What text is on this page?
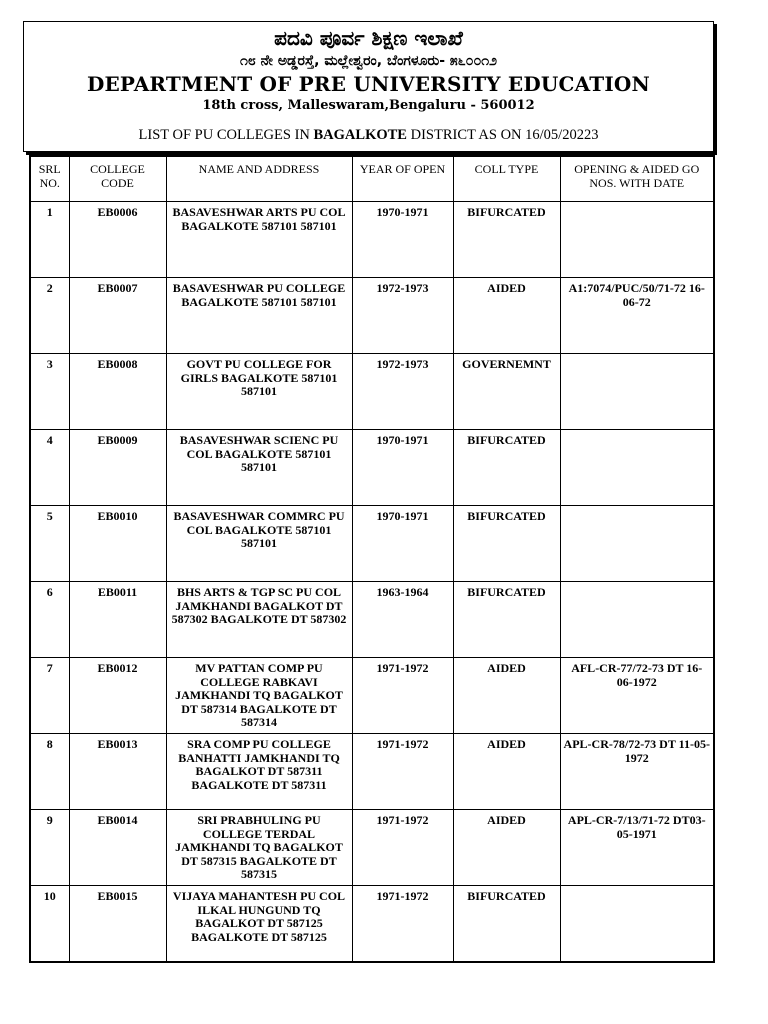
ಪದವಿ ಪೂರ್ವ ಶಿಕ್ಷಣ ಇಲಾಖೆ
೧೮ ನೇ ಅಡ್ಡರಸ್ತೆ, ಮಲ್ಲೇಶ್ವರಂ, ಬೆಂಗಳೂರು- ೫೬೦೦೧೨
DEPARTMENT OF PRE UNIVERSITY EDUCATION
18th cross, Malleswaram,Bengaluru - 560012
LIST OF PU COLLEGES IN BAGALKOTE DISTRICT AS ON 16/05/20223
SRL NO.	COLLEGE CODE	NAME AND ADDRESS	YEAR OF OPEN	COLL TYPE	OPENING & AIDED GO NOS. WITH DATE
1	EB0006	BASAVESHWAR ARTS PU COL BAGALKOTE 587101 587101	1970-1971	BIFURCATED	
2	EB0007	BASAVESHWAR PU COLLEGE BAGALKOTE 587101 587101	1972-1973	AIDED	A1:7074/PUC/50/71-72 16-06-72
3	EB0008	GOVT PU COLLEGE FOR GIRLS BAGALKOTE 587101 587101	1972-1973	GOVERNEMNT	
4	EB0009	BASAVESHWAR SCIENC PU COL BAGALKOTE 587101 587101	1970-1971	BIFURCATED	
5	EB0010	BASAVESHWAR COMMRC PU COL BAGALKOTE 587101 587101	1970-1971	BIFURCATED	
6	EB0011	BHS ARTS & TGP SC PU COL JAMKHANDI BAGALKOT DT 587302 BAGALKOTE DT 587302	1963-1964	BIFURCATED	
7	EB0012	MV PATTAN COMP PU COLLEGE RABKAVI JAMKHANDI TQ BAGALKOT DT 587314 BAGALKOTE DT 587314	1971-1972	AIDED	AFL-CR-77/72-73 DT 16-06-1972
8	EB0013	SRA COMP PU COLLEGE BANHATTI JAMKHANDI TQ BAGALKOT DT 587311 BAGALKOTE DT 587311	1971-1972	AIDED	APL-CR-78/72-73 DT 11-05-1972
9	EB0014	SRI PRABHULING PU COLLEGE TERDAL JAMKHANDI TQ BAGALKOT DT 587315 BAGALKOTE DT 587315	1971-1972	AIDED	APL-CR-7/13/71-72 DT03-05-1971
10	EB0015	VIJAYA MAHANTESH PU COL ILKAL HUNGUND TQ BAGALKOT DT 587125 BAGALKOTE DT 587125	1971-1972	BIFURCATED	
